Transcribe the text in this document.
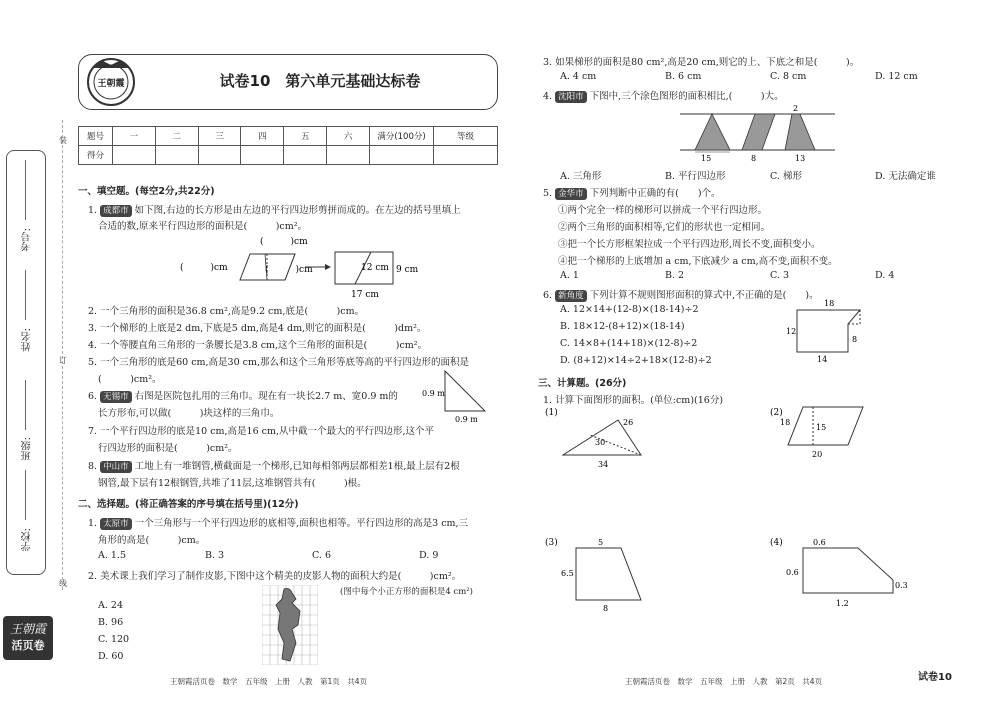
学校:
班级:
姓名:
考号:
装
订
线
王朝霞
活页卷
王朝霞	试卷10　第六单元基础达标卷
题号	一	二	三	四	五	六	满分(100分)	等级
得分								
一、填空题。(每空2分,共22分)
1. 成都市 如下图,右边的长方形是由左边的平行四边形剪拼而成的。在左边的括号里填上
合适的数,原来平行四边形的面积是(　　　)cm²。
(　　　)cm
(　　　)cm	(　　　)cm	12 cm 9 cm
17 cm
2. 一个三角形的面积是36.8 cm²,高是9.2 cm,底是(　　　)cm。
3. 一个梯形的上底是2 dm,下底是5 dm,高是4 dm,则它的面积是(　　　)dm²。
4. 一个等腰直角三角形的一条腰长是3.8 cm,这个三角形的面积是(　　　)cm²。
5. 一个三角形的底是60 cm,高是30 cm,那么和这个三角形等底等高的平行四边形的面积是
(　　　)cm²。
6. 无锡市 右图是医院包扎用的三角巾。现在有一块长2.7 m、宽0.9 m的
长方形布,可以做(　　　)块这样的三角巾。
0.9 m
0.9 m
7. 一个平行四边形的底是10 cm,高是16 cm,从中截一个最大的平行四边形,这个平
行四边形的面积是(　　　)cm²。
8. 中山市 工地上有一堆钢管,横截面是一个梯形,已知每相邻两层都相差1根,最上层有2根
钢管,最下层有12根钢管,共堆了11层,这堆钢管共有(　　　)根。
二、选择题。(将正确答案的序号填在括号里)(12分)
1. 太原市 一个三角形与一个平行四边形的底相等,面积也相等。平行四边形的高是3 cm,三
角形的高是(　　　)cm。
A. 1.5	B. 3	C. 6	D. 9
2. 美术课上我们学习了制作皮影,下图中这个精美的皮影人物的面积大约是(　　　)cm²。
(图中每个小正方形的面积是4 cm²)
A. 24
B. 96
C. 120
D. 60
王朝霞活页卷　数学　五年级　上册　人教　第1页　共4页
3. 如果梯形的面积是80 cm²,高是20 cm,则它的上、下底之和是(　　　)。
A. 4 cm	B. 6 cm	C. 8 cm	D. 12 cm
4. 沈阳市 下图中,三个涂色图形的面积相比,(　　　)大。
2
15	8	13
A. 三角形	B. 平行四边形	C. 梯形	D. 无法确定谁
5. 金华市 下列判断中正确的有(　　)个。
①两个完全一样的梯形可以拼成一个平行四边形。
②两个三角形的面积相等,它们的形状也一定相同。
③把一个长方形框架拉成一个平行四边形,周长不变,面积变小。
④把一个梯形的上底增加 a cm,下底减少 a cm,高不变,面积不变。
A. 1	B. 2	C. 3	D. 4
6. 新角度 下列计算不规则图形面积的算式中,不正确的是(　　)。
A. 12×14+(12-8)×(18-14)÷2
B. 18×12-(8+12)×(18-14)
C. 14×8+(14+18)×(12-8)÷2
D. (8+12)×14÷2+18×(12-8)÷2
18
12
8
14
三、计算题。(26分)
1. 计算下面图形的面积。(单位:cm)(16分)
(1)
26
30
34
(2)
18
15
20
(3)	5
6.5
8
(4)	0.6
0.6
0.3
1.2
王朝霞活页卷　数学　五年级　上册　人教　第2页　共4页	试卷10
